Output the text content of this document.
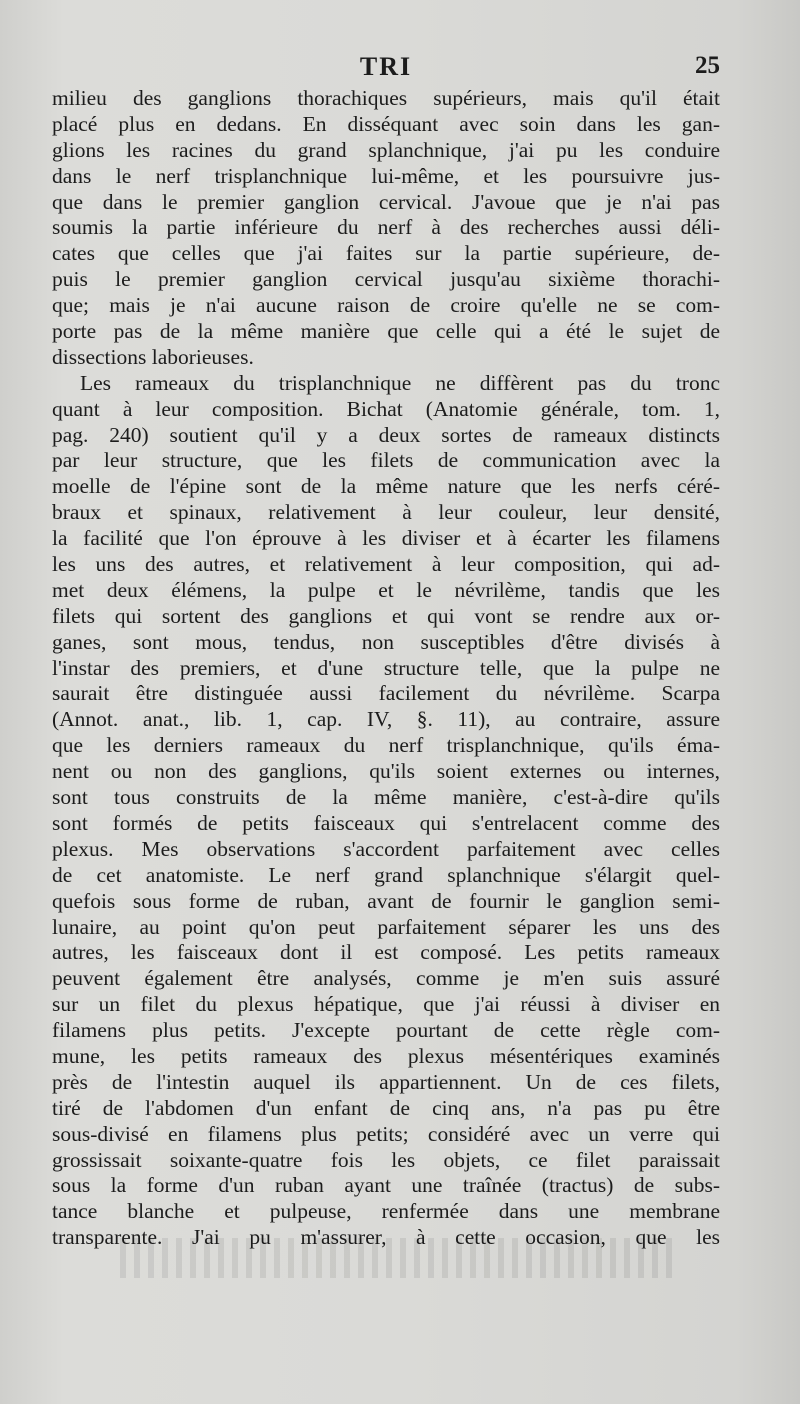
TRI	25
milieu des ganglions thorachiques supérieurs, mais qu'il était
placé plus en dedans. En disséquant avec soin dans les gan-
glions les racines du grand splanchnique, j'ai pu les conduire
dans le nerf trisplanchnique lui-même, et les poursuivre jus-
que dans le premier ganglion cervical. J'avoue que je n'ai pas
soumis la partie inférieure du nerf à des recherches aussi déli-
cates que celles que j'ai faites sur la partie supérieure, de-
puis le premier ganglion cervical jusqu'au sixième thorachi-
que; mais je n'ai aucune raison de croire qu'elle ne se com-
porte pas de la même manière que celle qui a été le sujet de
dissections laborieuses.
Les rameaux du trisplanchnique ne diffèrent pas du tronc
quant à leur composition. Bichat (Anatomie générale, tom. 1,
pag. 240) soutient qu'il y a deux sortes de rameaux distincts
par leur structure, que les filets de communication avec la
moelle de l'épine sont de la même nature que les nerfs céré-
braux et spinaux, relativement à leur couleur, leur densité,
la facilité que l'on éprouve à les diviser et à écarter les filamens
les uns des autres, et relativement à leur composition, qui ad-
met deux élémens, la pulpe et le névrilème, tandis que les
filets qui sortent des ganglions et qui vont se rendre aux or-
ganes, sont mous, tendus, non susceptibles d'être divisés à
l'instar des premiers, et d'une structure telle, que la pulpe ne
saurait être distinguée aussi facilement du névrilème. Scarpa
(Annot. anat., lib. 1, cap. IV, §. 11), au contraire, assure
que les derniers rameaux du nerf trisplanchnique, qu'ils éma-
nent ou non des ganglions, qu'ils soient externes ou internes,
sont tous construits de la même manière, c'est-à-dire qu'ils
sont formés de petits faisceaux qui s'entrelacent comme des
plexus. Mes observations s'accordent parfaitement avec celles
de cet anatomiste. Le nerf grand splanchnique s'élargit quel-
quefois sous forme de ruban, avant de fournir le ganglion semi-
lunaire, au point qu'on peut parfaitement séparer les uns des
autres, les faisceaux dont il est composé. Les petits rameaux
peuvent également être analysés, comme je m'en suis assuré
sur un filet du plexus hépatique, que j'ai réussi à diviser en
filamens plus petits. J'excepte pourtant de cette règle com-
mune, les petits rameaux des plexus mésentériques examinés
près de l'intestin auquel ils appartiennent. Un de ces filets,
tiré de l'abdomen d'un enfant de cinq ans, n'a pas pu être
sous-divisé en filamens plus petits; considéré avec un verre qui
grossissait soixante-quatre fois les objets, ce filet paraissait
sous la forme d'un ruban ayant une traînée (tractus) de subs-
tance blanche et pulpeuse, renfermée dans une membrane
transparente. J'ai pu m'assurer, à cette occasion, que les
